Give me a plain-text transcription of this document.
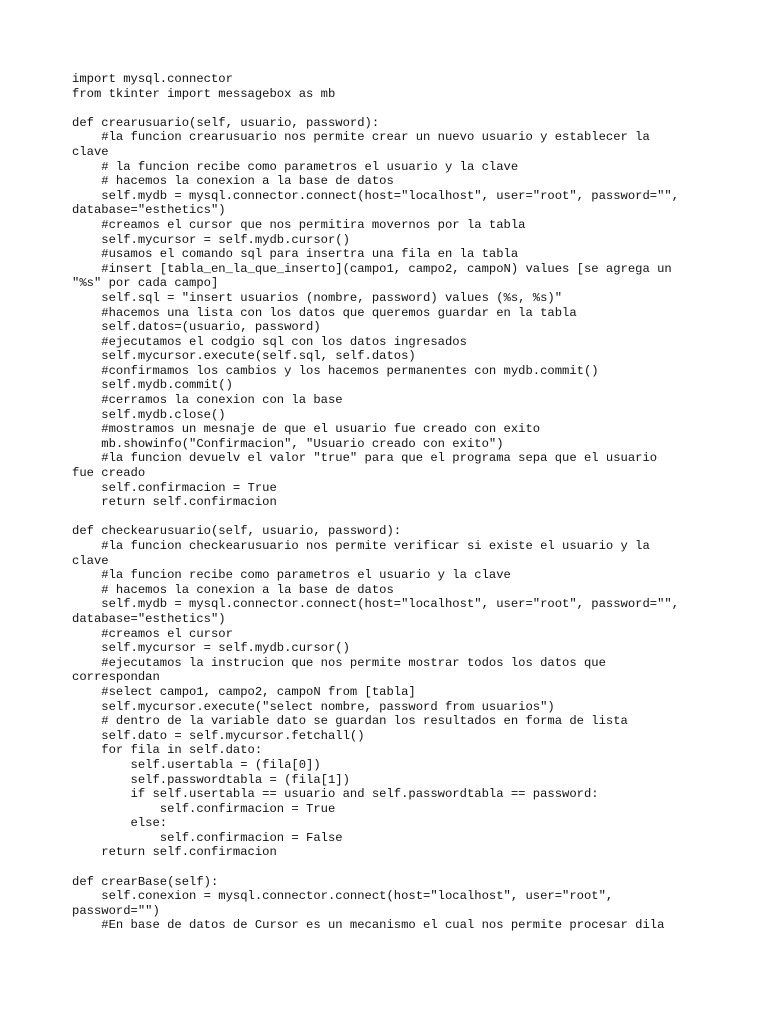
import mysql.connector
from tkinter import messagebox as mb
def crearusuario(self, usuario, password):
#la funcion crearusuario nos permite crear un nuevo usuario y establecer la
clave
# la funcion recibe como parametros el usuario y la clave
# hacemos la conexion a la base de datos
self.mydb = mysql.connector.connect(host="localhost", user="root", password="",
database="esthetics")
#creamos el cursor que nos permitira movernos por la tabla
self.mycursor = self.mydb.cursor()
#usamos el comando sql para insertra una fila en la tabla
#insert [tabla_en_la_que_inserto](campo1, campo2, campoN) values [se agrega un
"%s" por cada campo]
self.sql = "insert usuarios (nombre, password) values (%s, %s)"
#hacemos una lista con los datos que queremos guardar en la tabla
self.datos=(usuario, password)
#ejecutamos el codgio sql con los datos ingresados
self.mycursor.execute(self.sql, self.datos)
#confirmamos los cambios y los hacemos permanentes con mydb.commit()
self.mydb.commit()
#cerramos la conexion con la base
self.mydb.close()
#mostramos un mesnaje de que el usuario fue creado con exito
mb.showinfo("Confirmacion", "Usuario creado con exito")
#la funcion devuelv el valor "true" para que el programa sepa que el usuario
fue creado
self.confirmacion = True
return self.confirmacion
def checkearusuario(self, usuario, password):
#la funcion checkearusuario nos permite verificar si existe el usuario y la
clave
#la funcion recibe como parametros el usuario y la clave
# hacemos la conexion a la base de datos
self.mydb = mysql.connector.connect(host="localhost", user="root", password="",
database="esthetics")
#creamos el cursor
self.mycursor = self.mydb.cursor()
#ejecutamos la instrucion que nos permite mostrar todos los datos que
correspondan
#select campo1, campo2, campoN from [tabla]
self.mycursor.execute("select nombre, password from usuarios")
# dentro de la variable dato se guardan los resultados en forma de lista
self.dato = self.mycursor.fetchall()
for fila in self.dato:
self.usertabla = (fila[0])
self.passwordtabla = (fila[1])
if self.usertabla == usuario and self.passwordtabla == password:
self.confirmacion = True
else:
self.confirmacion = False
return self.confirmacion
def crearBase(self):
self.conexion = mysql.connector.connect(host="localhost", user="root",
password="")
#En base de datos de Cursor es un mecanismo el cual nos permite procesar dila
